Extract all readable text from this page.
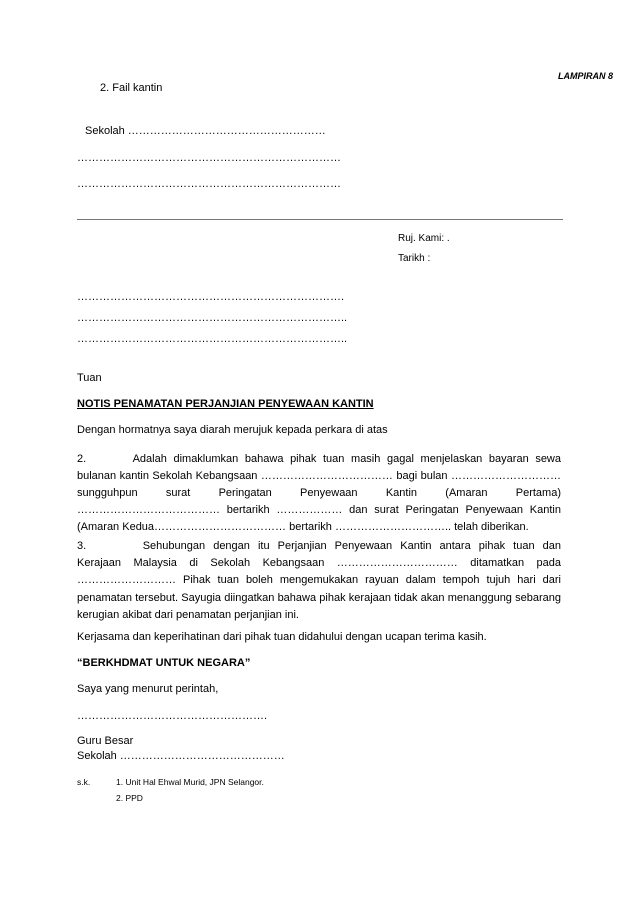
LAMPIRAN 8
2. Fail kantin
Sekolah ………………………………………………
………………………………………………………………
………………………………………………………………
Ruj. Kami: .
Tarikh :
……………………………………………………………….
………………………………………………………………..
………………………………………………………………..
Tuan
NOTIS PENAMATAN PERJANJIAN PENYEWAAN KANTIN
Dengan hormatnya saya diarah merujuk kepada perkara di atas
2.       Adalah dimaklumkan bahawa pihak tuan masih gagal menjelaskan bayaran sewa
bulanan kantin Sekolah Kebangsaan ……………………………… bagi bulan …………………………
sungguhpun surat Peringatan Penyewaan Kantin (Amaran Pertama)
………………………………… bertarikh ……………… dan surat Peringatan Penyewaan Kantin
(Amaran Kedua……………………………… bertarikh ………………………….. telah diberikan.
3.       Sehubungan dengan itu Perjanjian Penyewaan Kantin antara pihak tuan dan
Kerajaan Malaysia di Sekolah Kebangsaan …………………………… ditamatkan pada
……………………… Pihak tuan boleh mengemukakan rayuan dalam tempoh tujuh hari dari penamatan tersebut. Sayugia diingatkan bahawa pihak kerajaan tidak akan menanggung sebarang kerugian akibat dari penamatan perjanjian ini.
Kerjasama dan keperihatinan dari pihak tuan didahului dengan ucapan terima kasih.
“BERKHDMAT UNTUK NEGARA”
Saya yang menurut perintah,
…………………………………………….
Guru Besar
Sekolah ………………………………………
s.k.	1. Unit Hal Ehwal Murid, JPN Selangor.
2. PPD
